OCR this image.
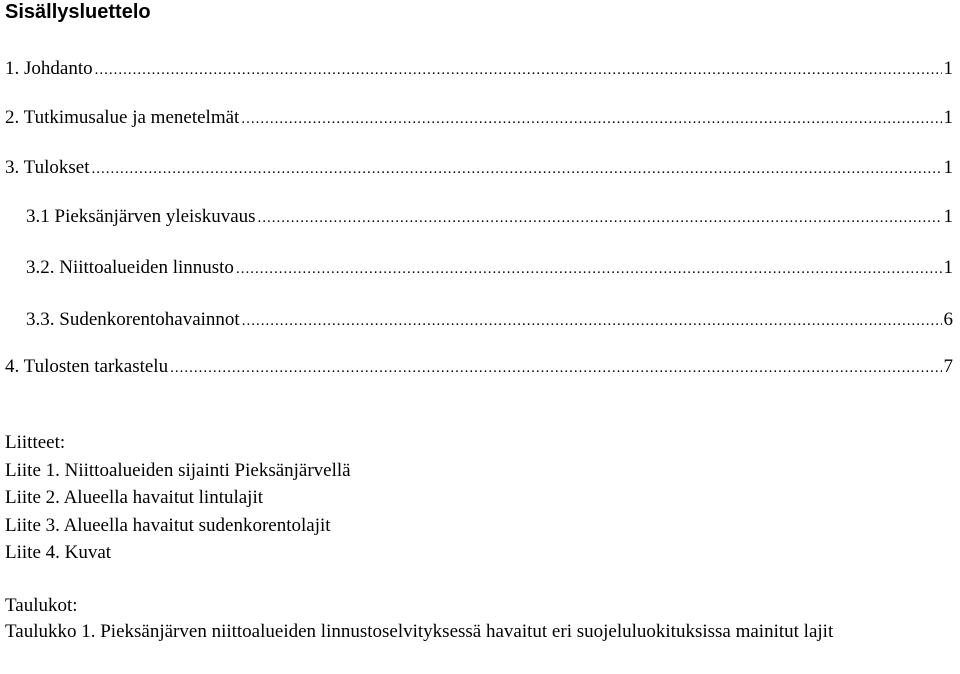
Sisällysluettelo
1. Johdanto .....	1
2. Tutkimusalue ja menetelmät .....	1
3. Tulokset .....	1
3.1 Pieksänjärven yleiskuvaus .....	1
3.2. Niittoalueiden linnusto .....	1
3.3. Sudenkorentohavainnot .....	6
4. Tulosten tarkastelu .....	7

Liitteet:

Liite 1. Niittoalueiden sijainti Pieksänjärvellä

Liite 2. Alueella havaitut lintulajit

Liite 3. Alueella havaitut sudenkorentolajit

Liite 4. Kuvat

Taulukot:

Taulukko 1. Pieksänjärven niittoalueiden linnustoselvityksessä havaitut eri suojeluluokituksissa mainitut lajit
